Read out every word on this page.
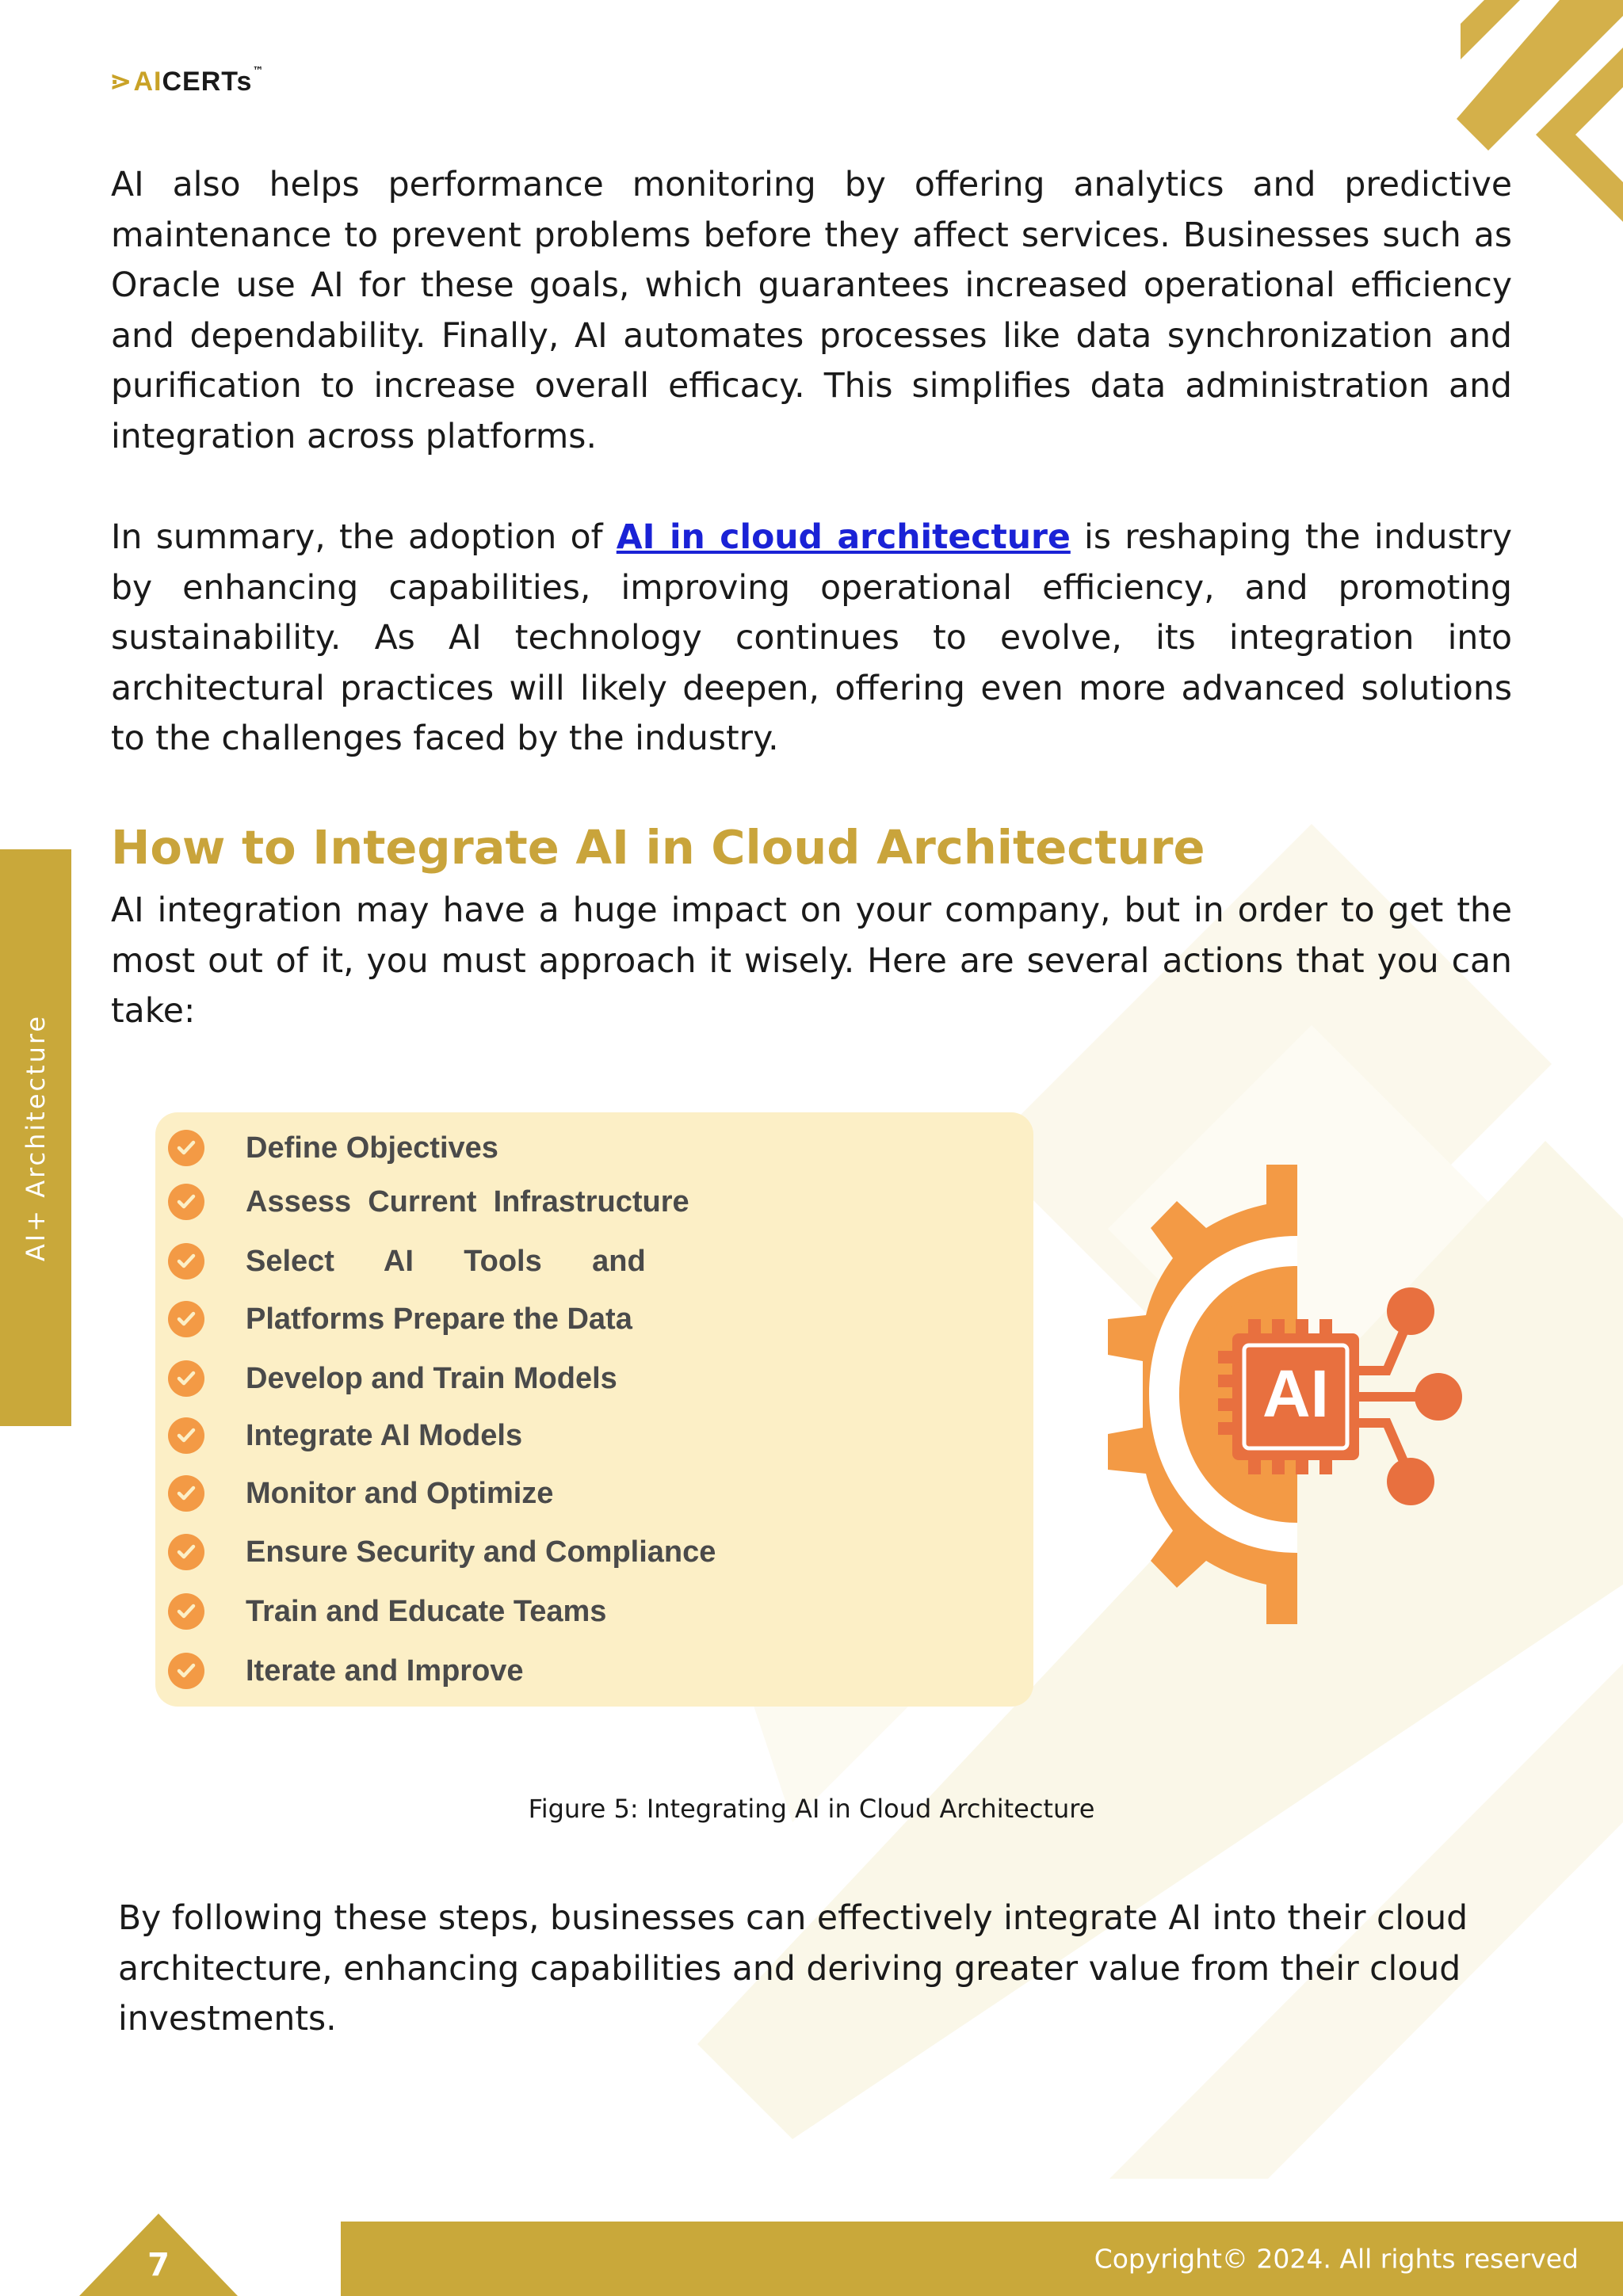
⋗ AI CERTs ™

AI also helps performance monitoring by offering analytics and predictive maintenance to prevent problems before they affect services. Businesses such as Oracle use AI for these goals, which guarantees increased operational efficiency and dependability. Finally, AI automates processes like data synchronization and purification to increase overall efficacy. This simplifies data administration and integration across platforms.

In summary, the adoption of AI in cloud architecture is reshaping the industry by enhancing capabilities, improving operational efficiency, and promoting sustainability. As AI technology continues to evolve, its integration into architectural practices will likely deepen, offering even more advanced solutions to the challenges faced by the industry.

How to Integrate AI in Cloud Architecture

AI integration may have a huge impact on your company, but in order to get the most out of it, you must approach it wisely. Here are several actions that you can take:

AI+ Architecture	Define Objectives
Assess  Current  Infrastructure
Select      AI      Tools      and
Platforms Prepare the Data
Develop and Train Models
Integrate AI Models
Monitor and Optimize
Ensure Security and Compliance
Train and Educate Teams
Iterate and Improve
AI
Figure 5: Integrating AI in Cloud Architecture

By following these steps, businesses can effectively integrate AI into their cloud architecture, enhancing capabilities and deriving greater value from their cloud investments.

7	Copyright© 2024. All rights reserved
